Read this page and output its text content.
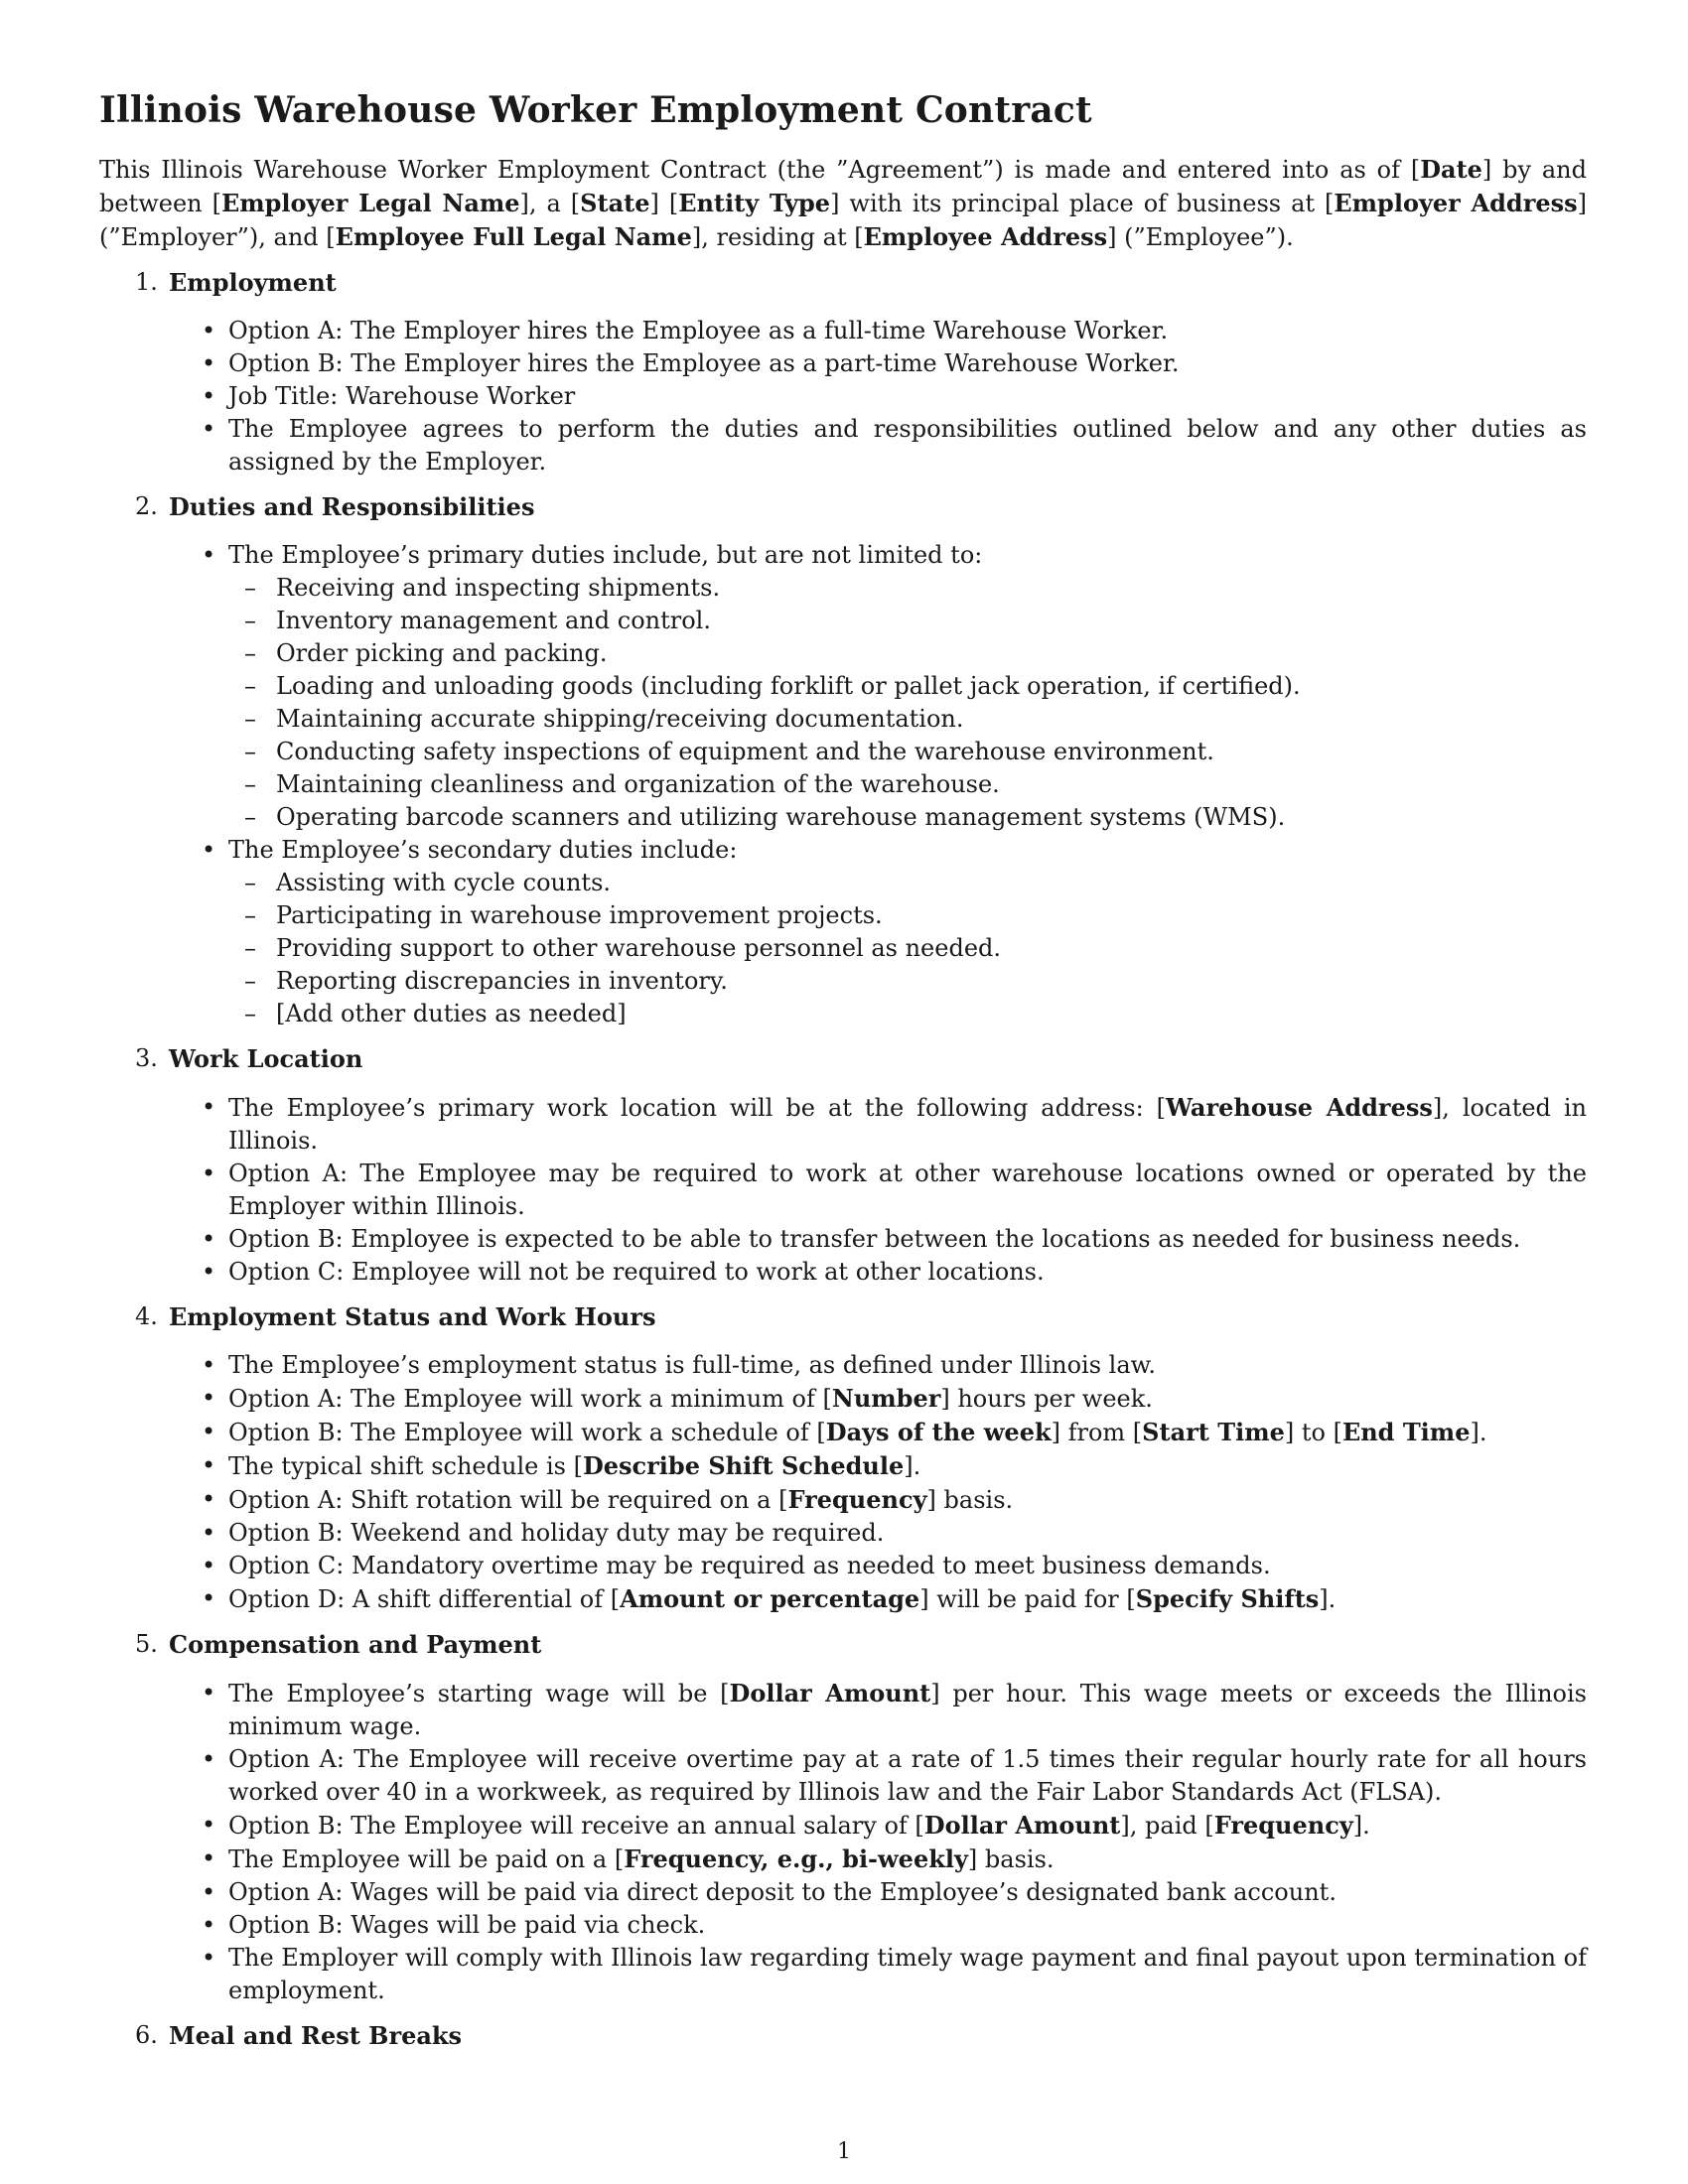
Illinois Warehouse Worker Employment Contract

This Illinois Warehouse Worker Employment Contract (the ”Agreement”) is made and entered into as of [Date] by and between [Employer Legal Name], a [State] [Entity Type] with its principal place of business at [Employer Address] (”Employer”), and [Employee Full Legal Name], residing at [Employee Address] (”Employee”).

1. Employment
• Option A: The Employer hires the Employee as a full-time Warehouse Worker.
• Option B: The Employer hires the Employee as a part-time Warehouse Worker.
• Job Title: Warehouse Worker
• The Employee agrees to perform the duties and responsibilities outlined below and any other duties as assigned by the Employer.
2. Duties and Responsibilities
• The Employee’s primary duties include, but are not limited to:
– Receiving and inspecting shipments.
– Inventory management and control.
– Order picking and packing.
– Loading and unloading goods (including forklift or pallet jack operation, if certified).
– Maintaining accurate shipping/receiving documentation.
– Conducting safety inspections of equipment and the warehouse environment.
– Maintaining cleanliness and organization of the warehouse.
– Operating barcode scanners and utilizing warehouse management systems (WMS).
• The Employee’s secondary duties include:
– Assisting with cycle counts.
– Participating in warehouse improvement projects.
– Providing support to other warehouse personnel as needed.
– Reporting discrepancies in inventory.
– [Add other duties as needed]
3. Work Location
• The Employee’s primary work location will be at the following address: [Warehouse Address], located in Illinois.
• Option A: The Employee may be required to work at other warehouse locations owned or operated by the Employer within Illinois.
• Option B: Employee is expected to be able to transfer between the locations as needed for business needs.
• Option C: Employee will not be required to work at other locations.
4. Employment Status and Work Hours
• The Employee’s employment status is full-time, as defined under Illinois law.
• Option A: The Employee will work a minimum of [Number] hours per week.
• Option B: The Employee will work a schedule of [Days of the week] from [Start Time] to [End Time].
• The typical shift schedule is [Describe Shift Schedule].
• Option A: Shift rotation will be required on a [Frequency] basis.
• Option B: Weekend and holiday duty may be required.
• Option C: Mandatory overtime may be required as needed to meet business demands.
• Option D: A shift differential of [Amount or percentage] will be paid for [Specify Shifts].
5. Compensation and Payment
• The Employee’s starting wage will be [Dollar Amount] per hour. This wage meets or exceeds the Illinois minimum wage.
• Option A: The Employee will receive overtime pay at a rate of 1.5 times their regular hourly rate for all hours worked over 40 in a workweek, as required by Illinois law and the Fair Labor Standards Act (FLSA).
• Option B: The Employee will receive an annual salary of [Dollar Amount], paid [Frequency].
• The Employee will be paid on a [Frequency, e.g., bi-weekly] basis.
• Option A: Wages will be paid via direct deposit to the Employee’s designated bank account.
• Option B: Wages will be paid via check.
• The Employer will comply with Illinois law regarding timely wage payment and final payout upon termination of employment.
6. Meal and Rest Breaks
1
